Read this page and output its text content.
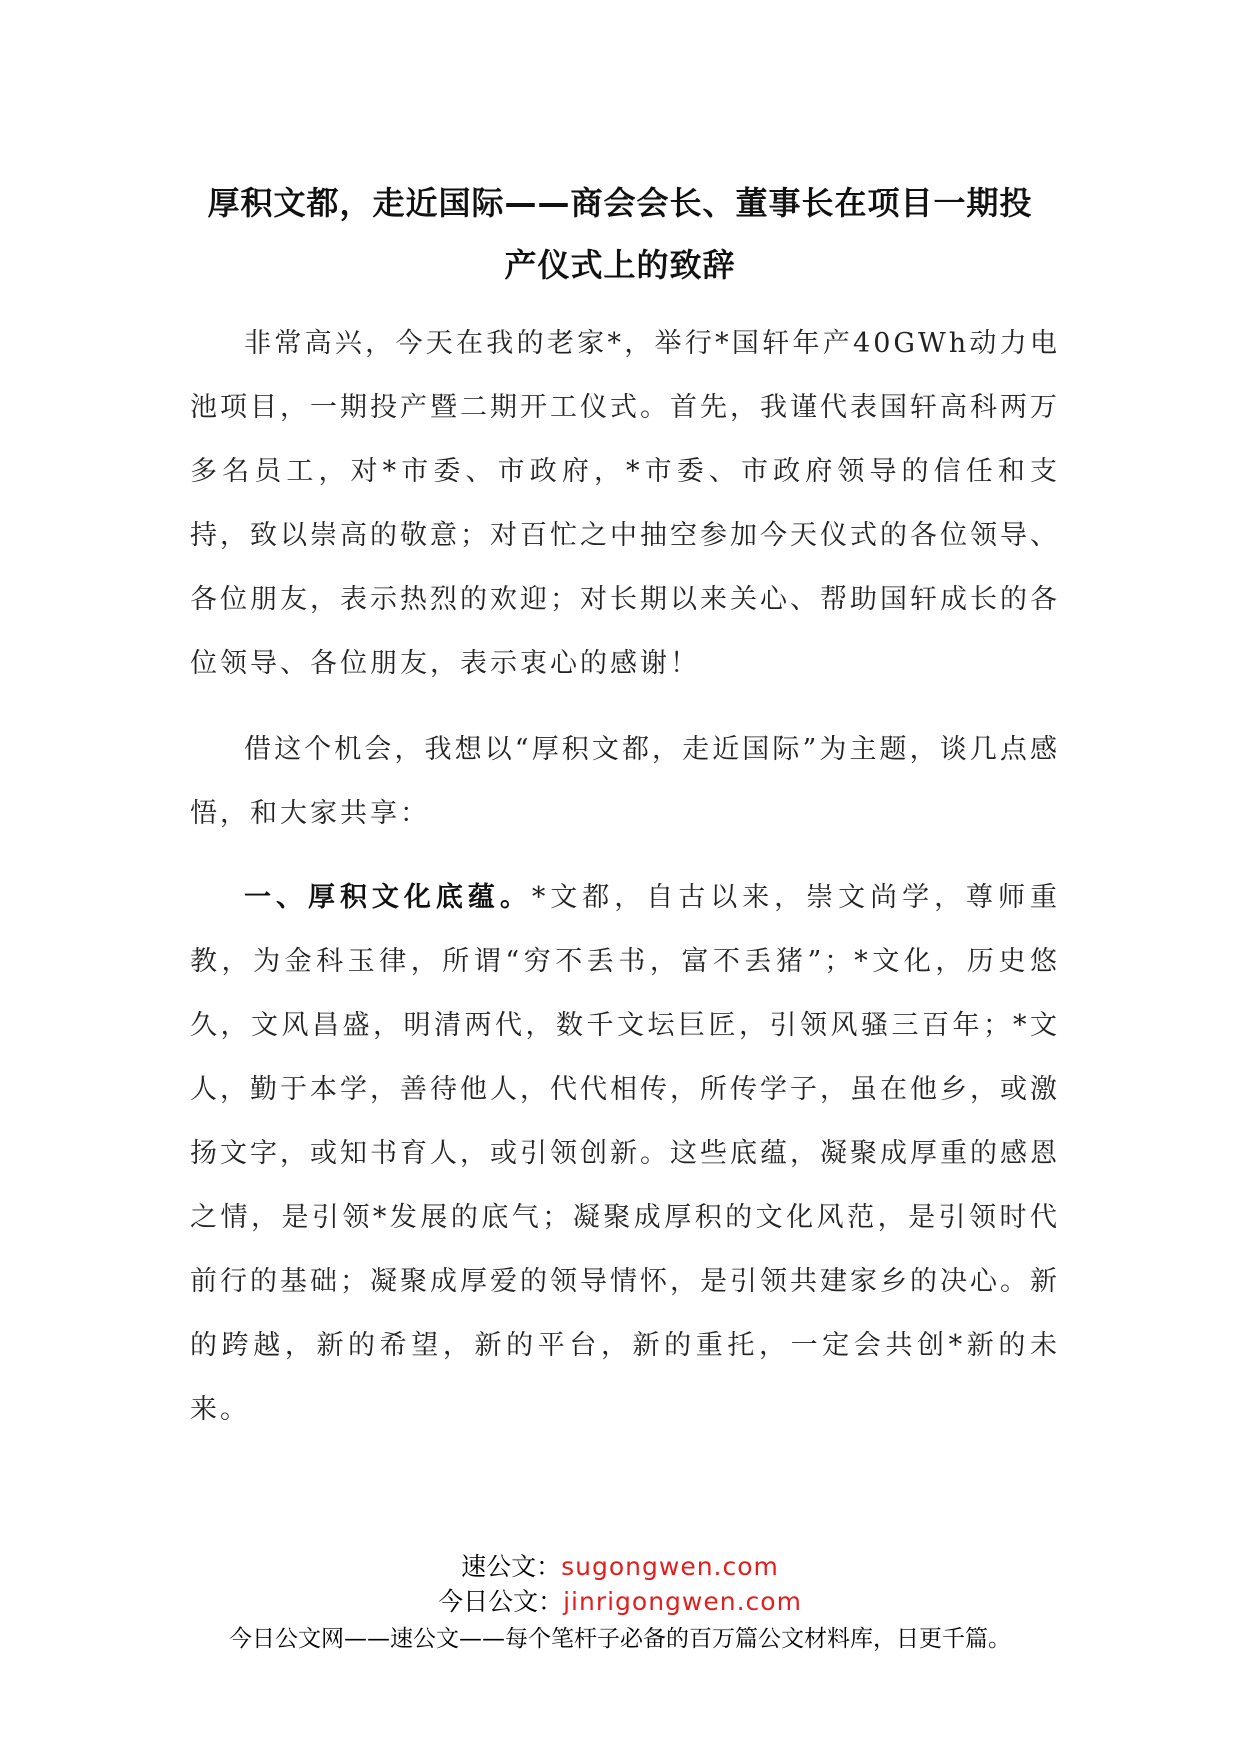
厚积文都，走近国际——商会会长、董事长在项目一期投
产仪式上的致辞

非常高兴，今天在我的老家*，举行*国轩年产40GWh动力电池项目，一期投产暨二期开工仪式。首先，我谨代表国轩高科两万多名员工，对*市委、市政府，*市委、市政府领导的信任和支持，致以崇高的敬意；对百忙之中抽空参加今天仪式的各位领导、各位朋友，表示热烈的欢迎；对长期以来关心、帮助国轩成长的各位领导、各位朋友，表示衷心的感谢！

借这个机会，我想以“厚积文都，走近国际”为主题，谈几点感悟，和大家共享：

一、厚积文化底蕴。*文都，自古以来，崇文尚学，尊师重教，为金科玉律，所谓“穷不丢书，富不丢猪”；*文化，历史悠久，文风昌盛，明清两代，数千文坛巨匠，引领风骚三百年；*文人，勤于本学，善待他人，代代相传，所传学子，虽在他乡，或激扬文字，或知书育人，或引领创新。这些底蕴，凝聚成厚重的感恩之情，是引领*发展的底气；凝聚成厚积的文化风范，是引领时代前行的基础；凝聚成厚爱的领导情怀，是引领共建家乡的决心。新的跨越，新的希望，新的平台，新的重托，一定会共创*新的未来。

速公文：sugongwen.com
今日公文：jinrigongwen.com
今日公文网——速公文——每个笔杆子必备的百万篇公文材料库，日更千篇。
